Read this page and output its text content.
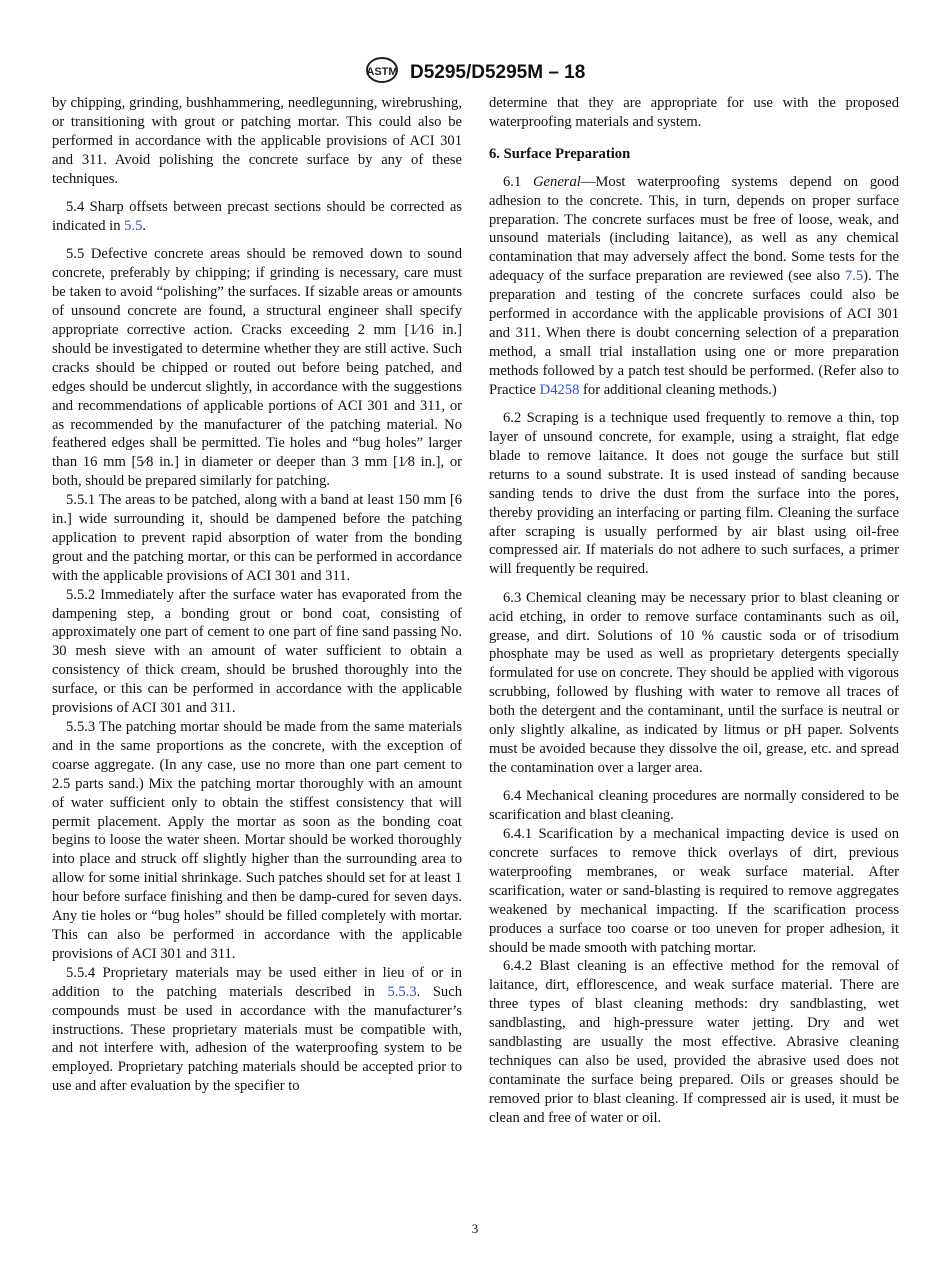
ASTM D5295/D5295M – 18

by chipping, grinding, bushhammering, needlegunning, wirebrushing, or transitioning with grout or patching mortar. This could also be performed in accordance with the applicable provisions of ACI 301 and 311. Avoid polishing the concrete surface by any of these techniques.

5.4 Sharp offsets between precast sections should be corrected as indicated in 5.5.

5.5 Defective concrete areas should be removed down to sound concrete, preferably by chipping; if grinding is necessary, care must be taken to avoid “polishing” the surfaces. If sizable areas or amounts of unsound concrete are found, a structural engineer shall specify appropriate corrective action. Cracks exceeding 2 mm [1⁄16 in.] should be investigated to determine whether they are still active. Such cracks should be chipped or routed out before being patched, and edges should be undercut slightly, in accordance with the suggestions and recommendations of applicable portions of ACI 301 and 311, or as recommended by the manufacturer of the patching material. No feathered edges shall be permitted. Tie holes and “bug holes” larger than 16 mm [5⁄8 in.] in diameter or deeper than 3 mm [1⁄8 in.], or both, should be prepared similarly for patching.

5.5.1 The areas to be patched, along with a band at least 150 mm [6 in.] wide surrounding it, should be dampened before the patching application to prevent rapid absorption of water from the bonding grout and the patching mortar, or this can be performed in accordance with the applicable provisions of ACI 301 and 311.

5.5.2 Immediately after the surface water has evaporated from the dampening step, a bonding grout or bond coat, consisting of approximately one part of cement to one part of fine sand passing No. 30 mesh sieve with an amount of water sufficient to obtain a consistency of thick cream, should be brushed thoroughly into the surface, or this can be performed in accordance with the applicable provisions of ACI 301 and 311.

5.5.3 The patching mortar should be made from the same materials and in the same proportions as the concrete, with the exception of coarse aggregate. (In any case, use no more than one part cement to 2.5 parts sand.) Mix the patching mortar thoroughly with an amount of water sufficient only to obtain the stiffest consistency that will permit placement. Apply the mortar as soon as the bonding coat begins to loose the water sheen. Mortar should be worked thoroughly into place and struck off slightly higher than the surrounding area to allow for some initial shrinkage. Such patches should set for at least 1 hour before surface finishing and then be damp-cured for seven days. Any tie holes or “bug holes” should be filled completely with mortar. This can also be performed in accordance with the applicable provisions of ACI 301 and 311.

5.5.4 Proprietary materials may be used either in lieu of or in addition to the patching materials described in 5.5.3. Such compounds must be used in accordance with the manufacturer’s instructions. These proprietary materials must be compatible with, and not interfere with, adhesion of the waterproofing system to be employed. Proprietary patching materials should be accepted prior to use and after evaluation by the specifier to

determine that they are appropriate for use with the proposed waterproofing materials and system.

6. Surface Preparation

6.1 General—Most waterproofing systems depend on good adhesion to the concrete. This, in turn, depends on proper surface preparation. The concrete surfaces must be free of loose, weak, and unsound materials (including laitance), as well as any chemical contamination that may adversely affect the bond. Some tests for the adequacy of the surface preparation are reviewed (see also 7.5). The preparation and testing of the concrete surfaces could also be performed in accordance with the applicable provisions of ACI 301 and 311. When there is doubt concerning selection of a preparation method, a small trial installation using one or more preparation methods followed by a patch test should be performed. (Refer also to Practice D4258 for additional cleaning methods.)

6.2 Scraping is a technique used frequently to remove a thin, top layer of unsound concrete, for example, using a straight, flat edge blade to remove laitance. It does not gouge the surface but still returns to a sound substrate. It is used instead of sanding because sanding tends to drive the dust from the surface into the pores, thereby providing an interfacing or parting film. Cleaning the surface after scraping is usually performed by air blast using oil-free compressed air. If materials do not adhere to such surfaces, a primer will frequently be required.

6.3 Chemical cleaning may be necessary prior to blast cleaning or acid etching, in order to remove surface contaminants such as oil, grease, and dirt. Solutions of 10 % caustic soda or of trisodium phosphate may be used as well as proprietary detergents specially formulated for use on concrete. They should be applied with vigorous scrubbing, followed by flushing with water to remove all traces of both the detergent and the contaminant, until the surface is neutral or only slightly alkaline, as indicated by litmus or pH paper. Solvents must be avoided because they dissolve the oil, grease, etc. and spread the contamination over a larger area.

6.4 Mechanical cleaning procedures are normally considered to be scarification and blast cleaning.

6.4.1 Scarification by a mechanical impacting device is used on concrete surfaces to remove thick overlays of dirt, previous waterproofing membranes, or weak surface material. After scarification, water or sand-blasting is required to remove aggregates weakened by mechanical impacting. If the scarification process produces a surface too coarse or too uneven for proper adhesion, it should be made smooth with patching mortar.

6.4.2 Blast cleaning is an effective method for the removal of laitance, dirt, efflorescence, and weak surface material. There are three types of blast cleaning methods: dry sandblasting, wet sandblasting, and high-pressure water jetting. Dry and wet sandblasting are usually the most effective. Abrasive cleaning techniques can also be used, provided the abrasive used does not contaminate the surface being prepared. Oils or greases should be removed prior to blast cleaning. If compressed air is used, it must be clean and free of water or oil.

3
